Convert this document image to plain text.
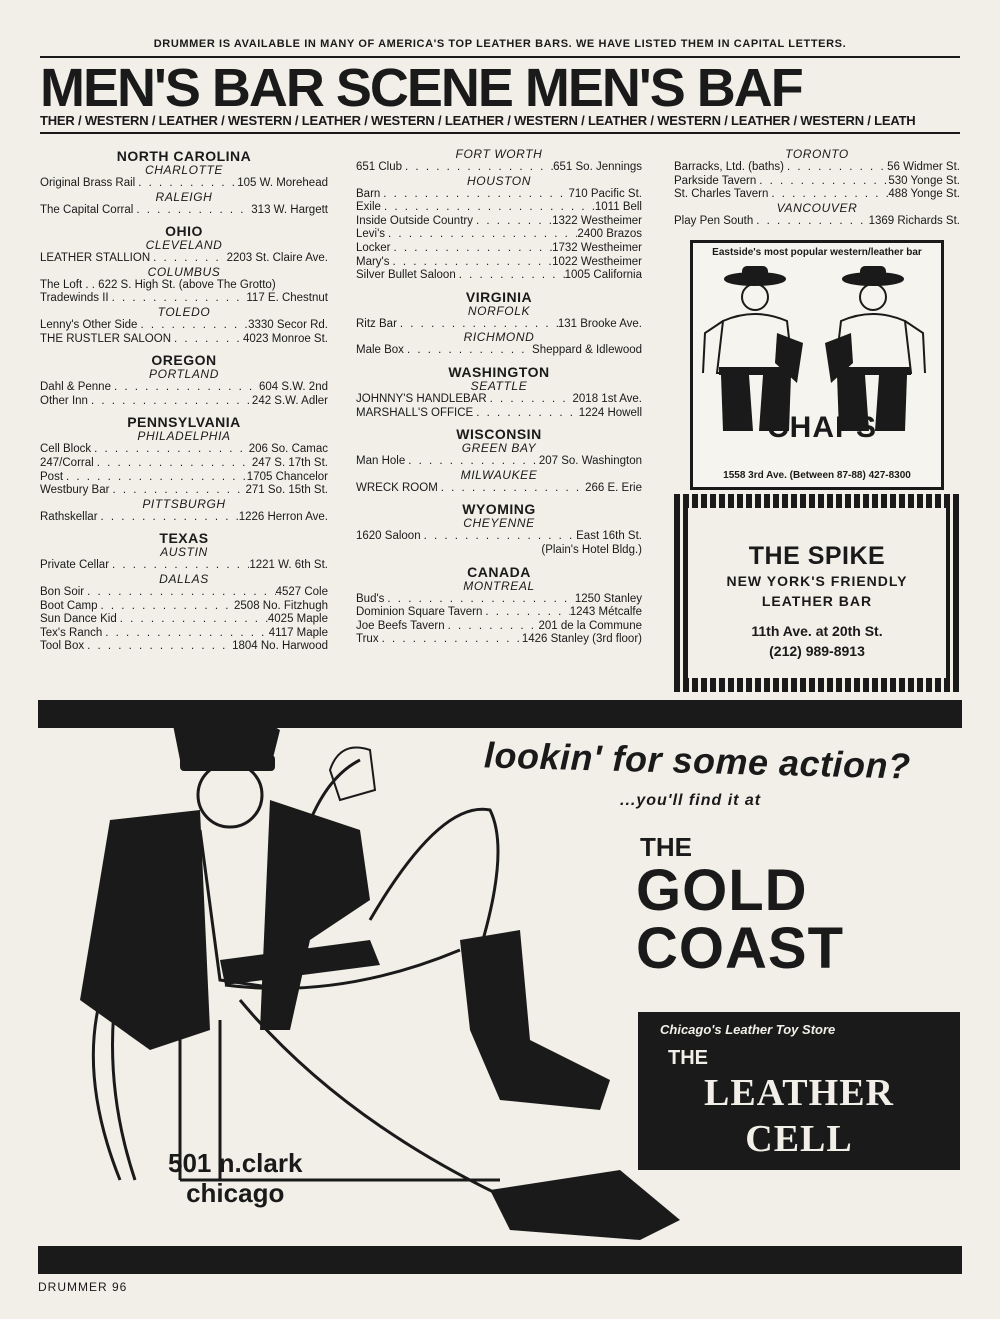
DRUMMER IS AVAILABLE IN MANY OF AMERICA'S TOP LEATHER BARS. WE HAVE LISTED THEM IN CAPITAL LETTERS.
MEN'S BAR SCENE MEN'S BAF
THER / WESTERN / LEATHER / WESTERN / LEATHER / WESTERN / LEATHER / WESTERN / LEATHER / WESTERN / LEATHER / WESTERN / LEATH
NORTH CAROLINA
CHARLOTTE
Original Brass Rail . . .	105 W. Morehead
RALEIGH
The Capital Corral . . .	313 W. Hargett
OHIO
CLEVELAND
LEATHER STALLION . . .	2203 St. Claire Ave.
COLUMBUS
The Loft . . 622 S. High St. (above The Grotto)
Tradewinds II . . .	117 E. Chestnut
TOLEDO
Lenny's Other Side . . .	3330 Secor Rd.
THE RUSTLER SALOON . . .	4023 Monroe St.
OREGON
PORTLAND
Dahl & Penne . . .	604 S.W. 2nd
Other Inn . . .	242 S.W. Adler
PENNSYLVANIA
PHILADELPHIA
Cell Block . . .	206 So. Camac
247/Corral . . .	247 S. 17th St.
Post . . .	1705 Chancelor
Westbury Bar . . .	271 So. 15th St.
PITTSBURGH
Rathskellar . . .	1226 Herron Ave.
TEXAS
AUSTIN
Private Cellar . . .	1221 W. 6th St.
DALLAS
Bon Soir . . .	4527 Cole
Boot Camp . . .	2508 No. Fitzhugh
Sun Dance Kid . . .	4025 Maple
Tex's Ranch . . .	4117 Maple
Tool Box . . .	1804 No. Harwood
FORT WORTH
651 Club . . .	651 So. Jennings
HOUSTON
Barn . . .	710 Pacific St.
Exile . . .	1011 Bell
Inside Outside Country . . .	1322 Westheimer
Levi's . . .	2400 Brazos
Locker . . .	1732 Westheimer
Mary's . . .	1022 Westheimer
Silver Bullet Saloon . . .	1005 California
VIRGINIA
NORFOLK
Ritz Bar . . .	131 Brooke Ave.
RICHMOND
Male Box . . .	Sheppard & Idlewood
WASHINGTON
SEATTLE
JOHNNY'S HANDLEBAR . . .	2018 1st Ave.
MARSHALL'S OFFICE . . .	1224 Howell
WISCONSIN
GREEN BAY
Man Hole . . .	207 So. Washington
MILWAUKEE
WRECK ROOM . . .	266 E. Erie
WYOMING
CHEYENNE
1620 Saloon . . .	East 16th St.
(Plain's Hotel Bldg.)
CANADA
MONTREAL
Bud's . . .	1250 Stanley
Dominion Square Tavern . . .	1243 Métcalfe
Joe Beefs Tavern . . .	201 de la Commune
Trux . . .	1426 Stanley (3rd floor)
TORONTO
Barracks, Ltd. (baths) . . .	56 Widmer St.
Parkside Tavern . . .	530 Yonge St.
St. Charles Tavern . . .	488 Yonge St.
VANCOUVER
Play Pen South . . .	1369 Richards St.
Eastside's most popular western/leather bar
CHAPS
1558 3rd Ave. (Between 87-88) 427-8300
THE SPIKE
NEW YORK'S FRIENDLY
LEATHER BAR
11th Ave. at 20th St.
(212) 989-8913
lookin' for some action?
...you'll find it at
THE
GOLD
COAST
Chicago's Leather Toy Store
THE
LEATHER
CELL
501 n.clark
chicago
DRUMMER 96
